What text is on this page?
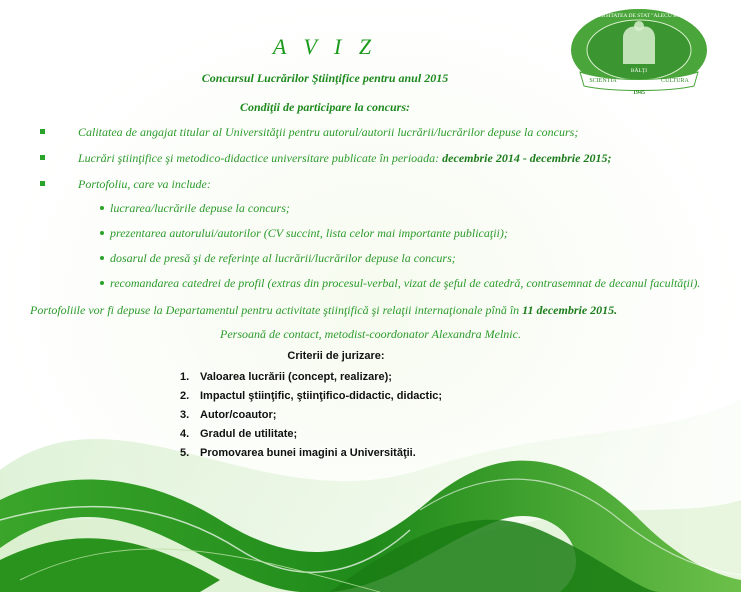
UNIVERSITATEA DE STAT "ALECU RUSSO"
SCIENTIA
BĂLȚI
CULTURA
1945
A V I Z
Concursul Lucrărilor Ştiinţifice pentru anul 2015
Condiţii de participare la concurs:
Calitatea de angajat titular al Universităţii pentru autorul/autorii lucrării/lucrărilor depuse la concurs;
Lucrări ştiinţifice şi metodico-didactice universitare publicate în perioada: decembrie 2014 - decembrie 2015;
Portofoliu, care va include:
lucrarea/lucrările depuse la concurs;
prezentarea autorului/autorilor (CV succint, lista celor mai importante publicaţii);
dosarul de presă şi de referinţe al lucrării/lucrărilor depuse la concurs;
recomandarea catedrei de profil (extras din procesul-verbal, vizat de şeful de catedră, contrasemnat de decanul facultăţii).
Portofoliile vor fi depuse la Departamentul pentru activitate ştiinţifică şi relaţii internaţionale pînă în 11 decembrie 2015.
Persoană de contact, metodist-coordonator Alexandra Melnic.
Criterii de jurizare:
1. Valoarea lucrării (concept, realizare);
2. Impactul ştiinţific, ştiinţifico-didactic, didactic;
3. Autor/coautor;
4. Gradul de utilitate;
5. Promovarea bunei imagini a Universităţii.
